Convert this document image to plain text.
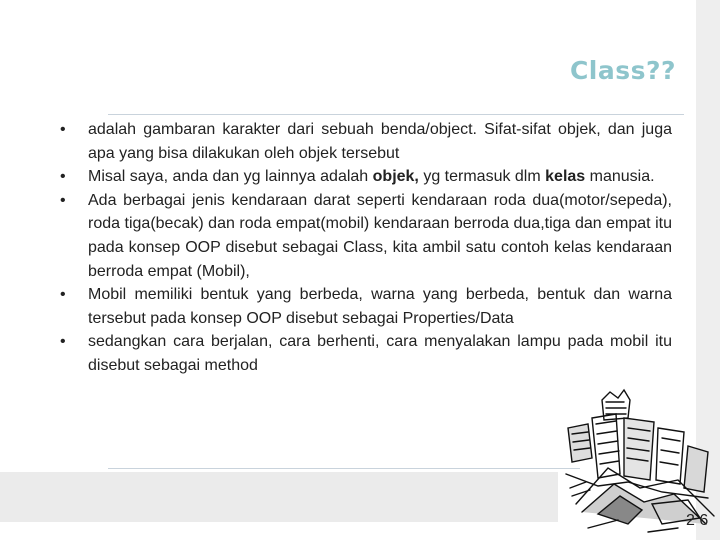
Class??
•	adalah gambaran karakter dari sebuah benda/object. Sifat-sifat objek, dan juga apa yang bisa dilakukan oleh objek tersebut
•	Misal saya, anda dan yg lainnya adalah objek, yg termasuk dlm kelas manusia.
•	Ada berbagai jenis kendaraan darat seperti kendaraan roda dua(motor/sepeda), roda tiga(becak) dan roda empat(mobil) kendaraan berroda dua,tiga dan empat itu pada konsep OOP disebut sebagai Class, kita ambil satu contoh kelas kendaraan berroda empat (Mobil),
•	Mobil memiliki bentuk yang berbeda, warna yang berbeda, bentuk dan warna tersebut pada konsep OOP disebut sebagai Properties/Data
•	sedangkan cara berjalan, cara berhenti, cara menyalakan lampu pada mobil itu disebut sebagai method
2 6
